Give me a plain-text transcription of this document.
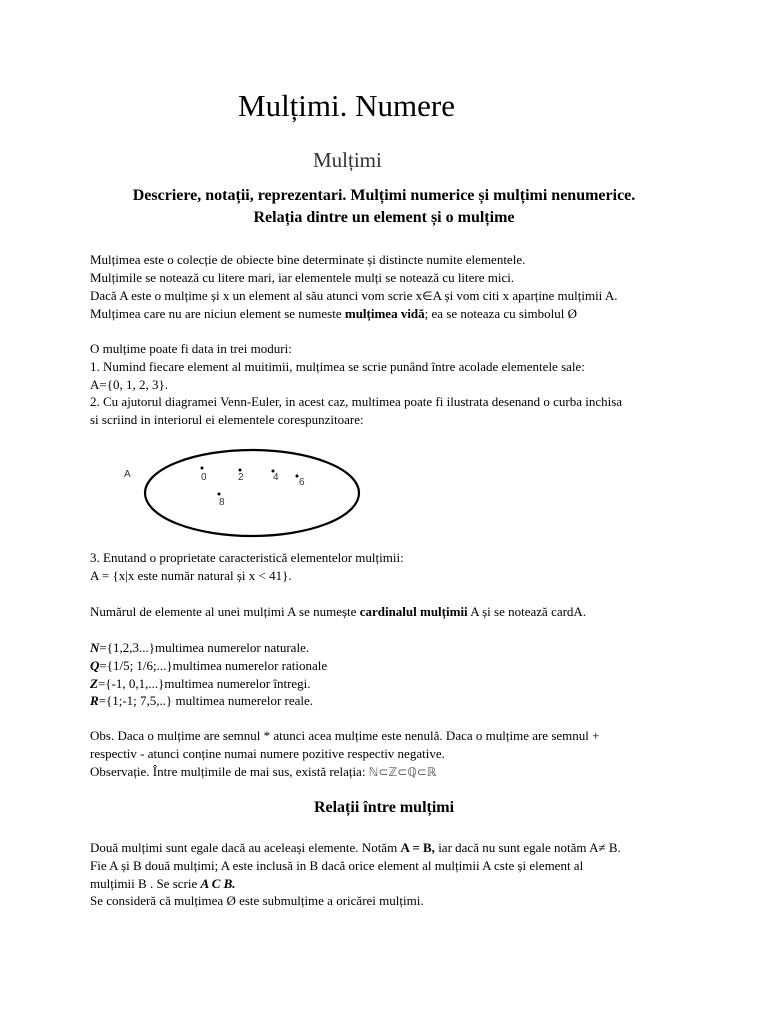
Mulțimi. Numere
Mulțimi
Descriere, notații, reprezentari. Mulțimi numerice și mulțimi nenumerice.
Relația dintre un element și o mulțime
Mulțimea este o colecție de obiecte bine determinate și distincte numite elementele.
Mulțimile se notează cu litere mari, iar elementele mulți se notează cu litere mici.
Dacă A este o mulțime și x un element al său atunci vom scrie x∈A și vom citi x aparține mulțimii A.
Mulțimea care nu are niciun element se numeste mulțimea vidă; ea se noteaza cu simbolul Ø
O mulțime poate fi data in trei moduri:
1. Numind fiecare element al muitimii, mulțimea se scrie punând între acolade elementele sale:
A={0, 1, 2, 3}.
2. Cu ajutorul diagramei Venn-Euler, in acest caz, multimea poate fi ilustrata desenand o curba inchisa
si scriind in interiorul ei elementele corespunzitoare:
A	0	2	4 6
8
3. Enutand o proprietate caracteristică elementelor mulțimii:
A = {x|x este număr natural și x < 41}.
Numărul de elemente al unei mulțimi A se numește cardinalul mulțimii A și se notează cardA.
N={1,2,3...}multimea numerelor naturale.
Q={1/5; 1/6;...}multimea numerelor rationale
Z={-1, 0,1,...}multimea numerelor întregi.
R={1;-1; 7,5,..} multimea numerelor reale.
Obs. Daca o mulțime are semnul * atunci acea mulțime este nenulă. Daca o mulțime are semnul +
respectiv - atunci conține numai numere pozitive respectiv negative.
Observație. Între mulțimile de mai sus, există relația: ℕ⊂ℤ⊂ℚ⊂ℝ
Relații între mulțimi
Două mulțimi sunt egale dacă au aceleași elemente. Notăm A = B, iar dacă nu sunt egale notăm A≠ B.
Fie A și B două mulțimi; A este inclusă in B dacă orice element al mulțimii A cste și element al
mulțimii B . Se scrie A C B.
Se consideră că mulțimea Ø este submulțime a oricărei mulțimi.
